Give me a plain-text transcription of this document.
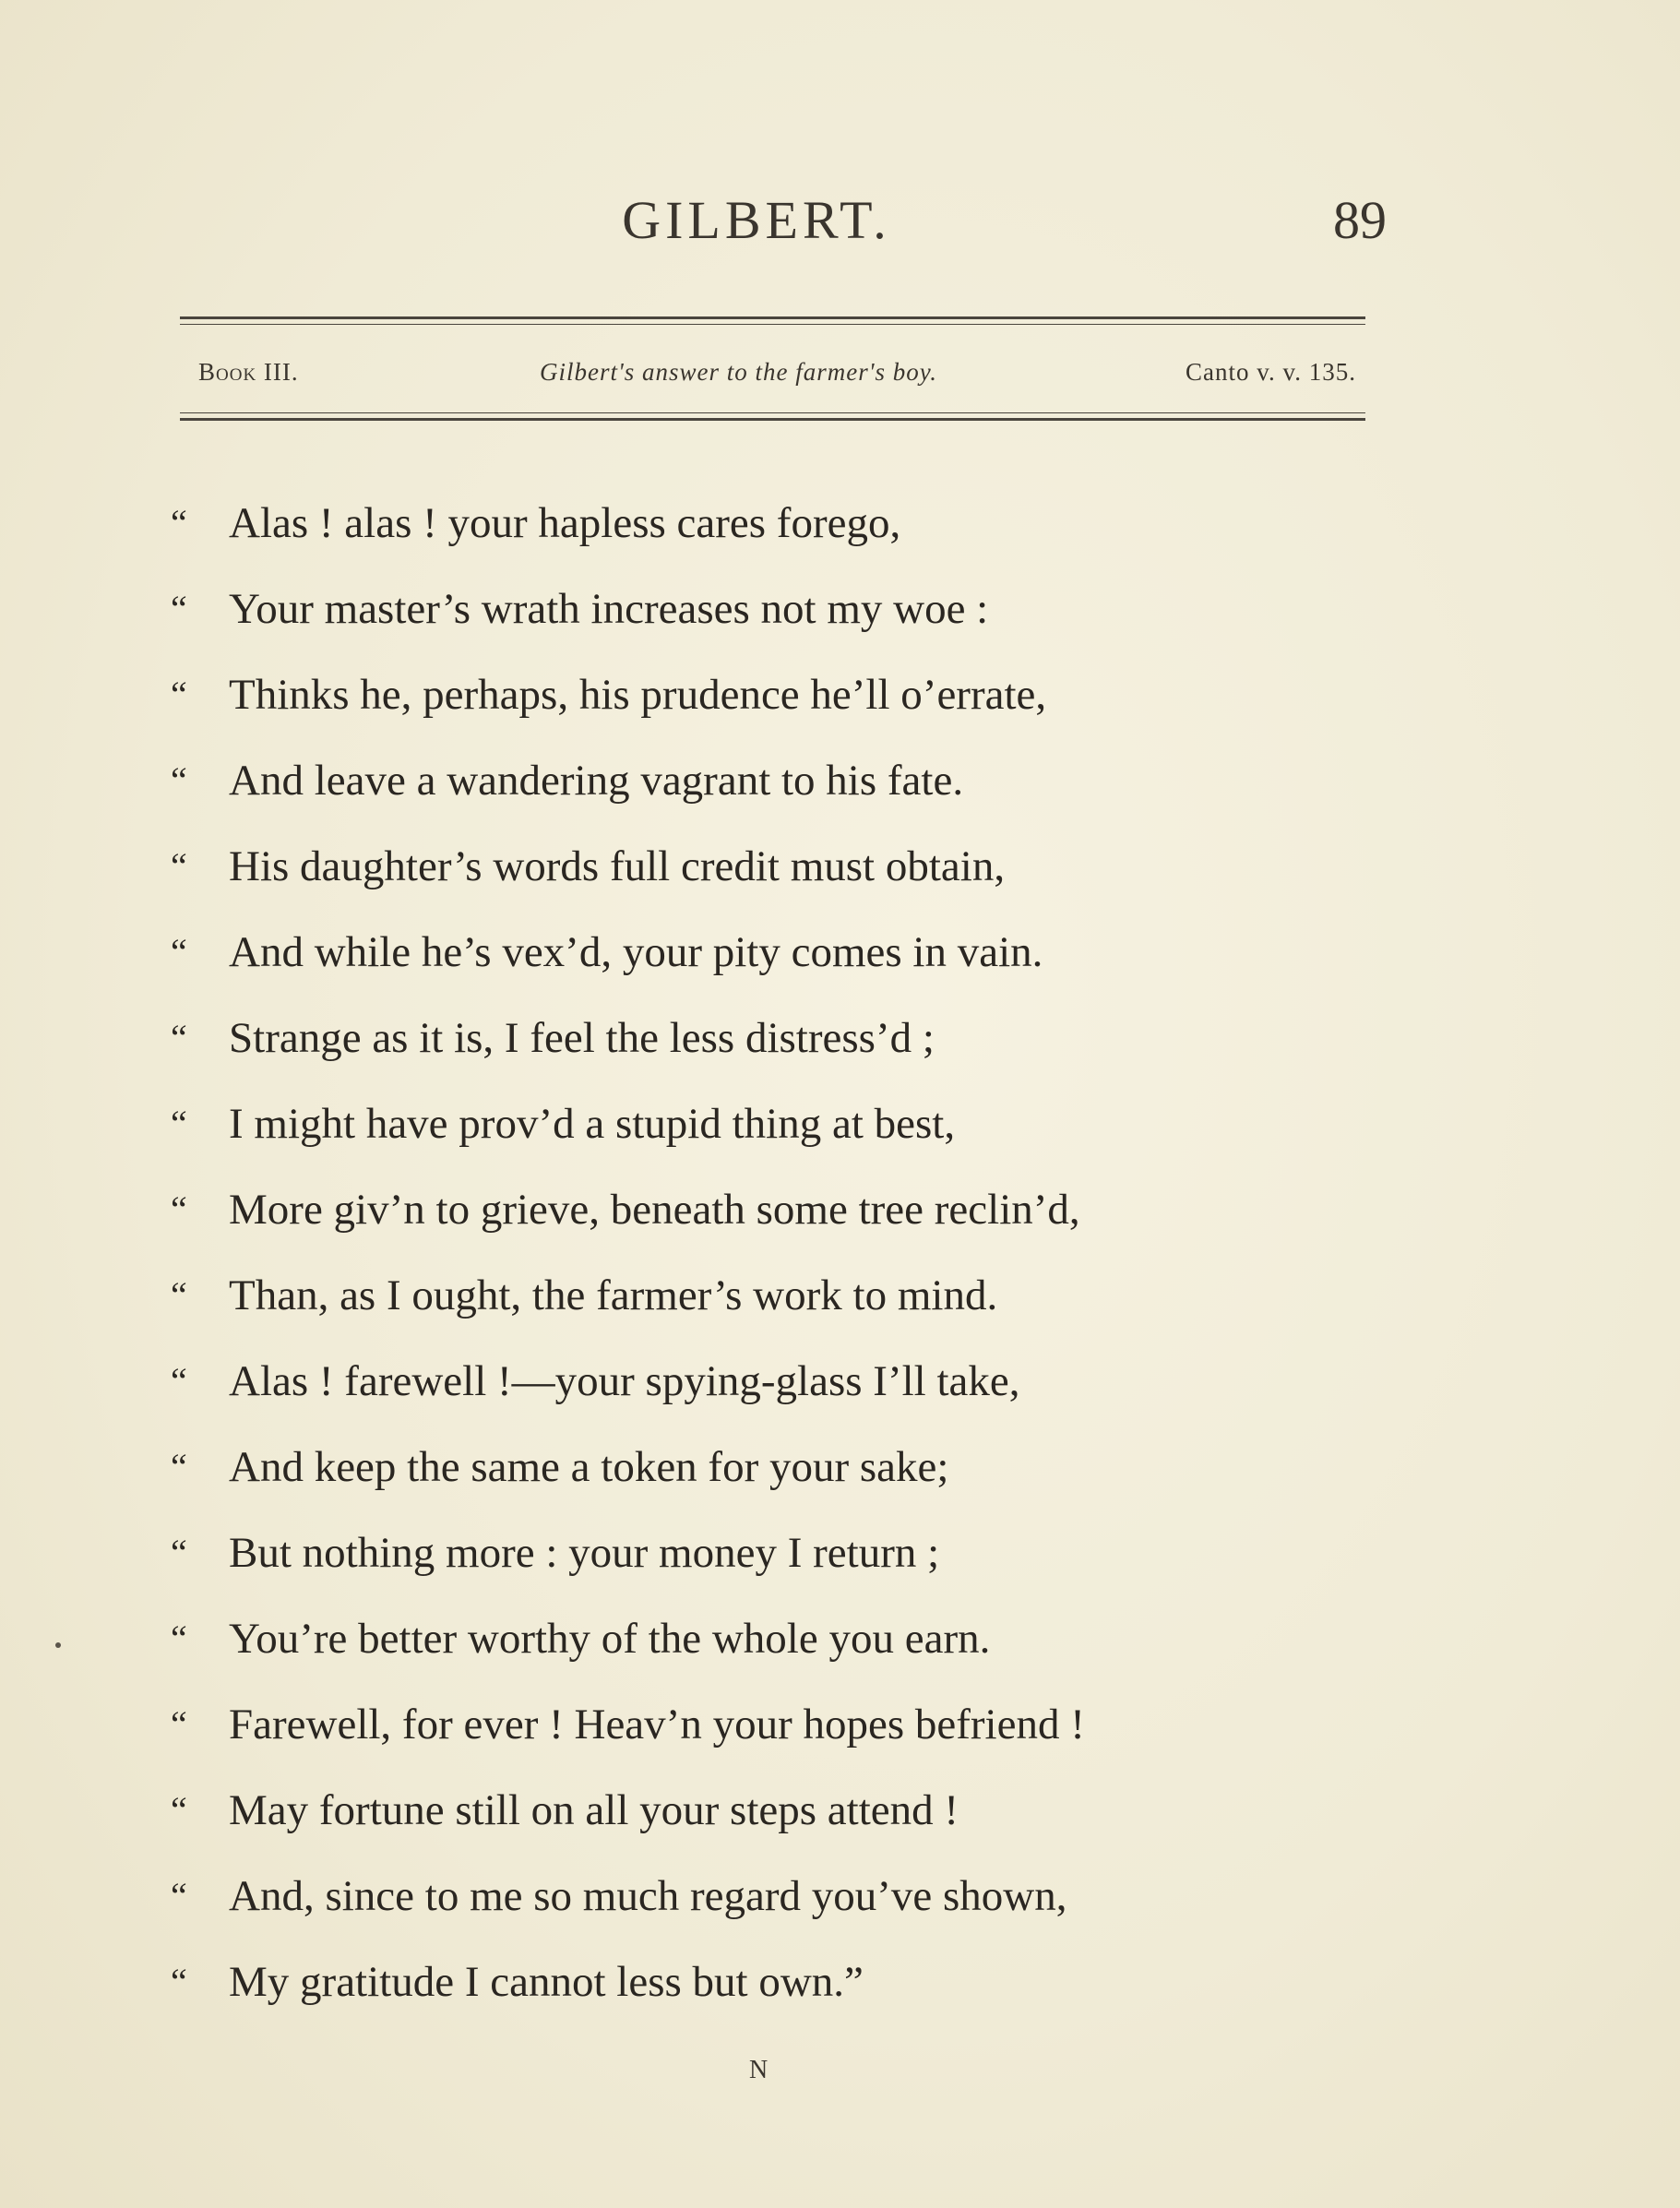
GILBERT.	89
Book III.	Gilbert's answer to the farmer's boy.	Canto v. v. 135.
“ Alas ! alas ! your hapless cares forego,
“ Your master’s wrath increases not my woe :
“ Thinks he, perhaps, his prudence he’ll o’errate,
“ And leave a wandering vagrant to his fate.
“ His daughter’s words full credit must obtain,
“ And while he’s vex’d, your pity comes in vain.
“ Strange as it is, I feel the less distress’d ;
“ I might have prov’d a stupid thing at best,
“ More giv’n to grieve, beneath some tree reclin’d,
“ Than, as I ought, the farmer’s work to mind.
“ Alas ! farewell !—your spying-glass I’ll take,
“ And keep the same a token for your sake;
“ But nothing more : your money I return ;
“ You’re better worthy of the whole you earn.
“ Farewell, for ever ! Heav’n your hopes befriend !
“ May fortune still on all your steps attend !
“ And, since to me so much regard you’ve shown,
“ My gratitude I cannot less but own.”
N
